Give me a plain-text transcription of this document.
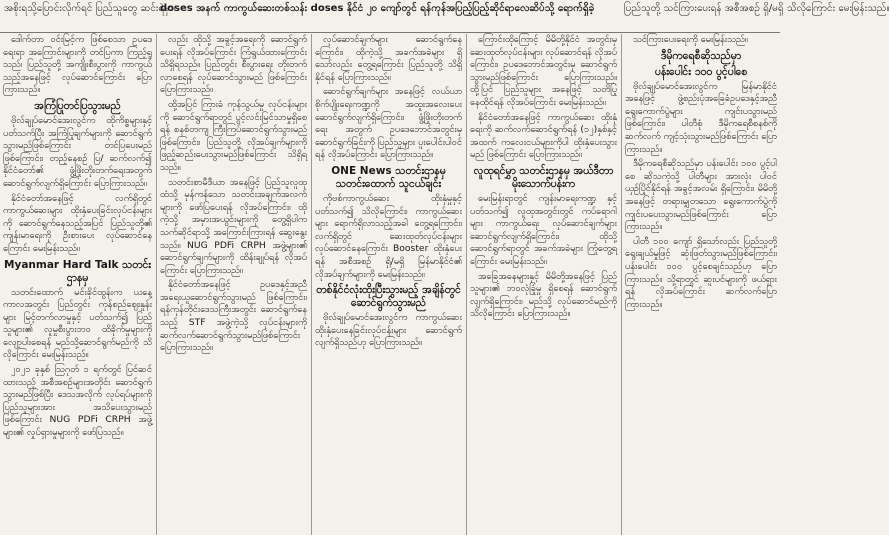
အစိုးရသို့ပြောင်းလိုက်ရင် ပြည်သူတွေ ဆင်းရဲမှာ၊
doses အနက် ကာကွယ်ဆေးတစ်သန်း doses နိုင်ငံ ၂၀ ကျော်တွင် ရန်ကုန်အပြည့်ပြည့်ဆိုင်ရာလေဆိပ်သို့ ရောက်ရှိခဲ့	ပြည်သူတို့ သင်ကြားပေးရန် အစီအစဉ် ရှိ/မရှိ သိလိုကြောင်း မေးမြန်းသည်။

ဒေါက်တာ ဝင်းမြင့်က ဖြစ်စေသာ ဥပဒေရေးရာ အကြောင်းများကို တင်ပြကာ ကြည့်ရှုသည်၊ ပြည်သူတို့ အကျိုးစီးပွားကို ကာကွယ်သည့်အနေဖြင့် လုပ်ဆောင်ကြောင်း ပြောကြားသည်။

အကြံပြုတင်ပြသွားမည်

ဗိုလ်ချုပ်မောင်အေးလွင်က ထိုကိစ္စများနှင့်ပတ်သက်ပြီး အကြံပြုချက်များကို ဆောင်ရွက်သွားမည်ဖြစ်ကြောင်း တင်ပြပေးမည်ဖြစ်ကြောင်း၊ တည့်နေစဉ် ပြ/ ဆက်လက်၍ နိုင်ငံတော်၏ ဖွံ့ဖြိုးတိုးတက်ရေးအတွက် ဆောင်ရွက်လျက်ရှိကြောင်း ပြောကြားသည်။

နိုင်ငံတော်အနေဖြင့် လက်ရှိတွင် ကာကွယ်ဆေးများ ထိုးနှံပေးခြင်းလုပ်ငန်းများကို ဆောင်ရွက်နေသည့်အပြင် ပြည်သူတို့၏ ကျန်းမာရေးကို ဦးစားပေး လုပ်ဆောင်နေကြောင်း မေးမြန်းသည်။

Myanmar Hard Talk သတင်းဌာနမှ

သတင်းထောက် မင်းခိုင်ထွန်းက ယနေ့ကာလအတွင်း ပြည်တွင်း ကုန်စည်ဈေးနှုန်းများ မြင့်တက်လာမှုနှင့် ပတ်သက်၍ ပြည်သူများ၏ လူမှုစီးပွားဘဝ ထိခိုက်မှုများကို လျော့ပါးစေရန် မည်သို့ဆောင်ရွက်မည်ကို သိလိုကြောင်း မေးမြန်းသည်။

၂၀၂၁ ခုနှစ် ဩဂုတ် ၁ ရက်တွင် ပြင်ဆင်ထားသည့် အစီအစဉ်များအတိုင်း ဆောင်ရွက်သွားမည်ဖြစ်ပြီး ဒေသအလိုက် လုပ်ရပ်များကို ပြည်သူများအား အသိပေးသွားမည်ဖြစ်ကြောင်း NUG PDFi CRPH အဖွဲ့များ၏ လှုပ်ရှားမှုများကို ဖော်ပြသည်။

လည်း ထိုသို့ အခွင့်အရေးကို ဆောင်ရွက်ပေးရန် လိုအပ်ကြောင်း ကြံရွယ်ထားကြောင်း သိရှိရသည်။ ပြည်တွင်း စီးပွားရေး တိုးတက်လာစေရန် လုပ်ဆောင်သွားမည် ဖြစ်ကြောင်း ပြောကြားသည်။

ထို့အပြင် ကြားခံ ကုန်သွယ်မှု လုပ်ငန်းများကို ဆောင်ရွက်ရာတွင် ပွင့်လင်းမြင်သာမှုရှိစေရန် စနစ်တကျ ကြီးကြပ်ဆောင်ရွက်သွားမည်ဖြစ်ကြောင်း၊ ပြည်သူတို့ လိုအပ်ချက်များကို ဖြည့်ဆည်းပေးသွားမည်ဖြစ်ကြောင်း သိရှိရသည်။

သတင်းစာမီဒီယာ အနေဖြင့် ပြည်သူလူထုထံသို့ မှန်ကန်သော သတင်းအချက်အလက်များကို ဖော်ပြပေးရန် လိုအပ်ကြောင်း၊ ထိုကဲ့သို့ အမှားအယွင်းများကို တွေ့ရှိပါက သက်ဆိုင်ရာသို့ အကြောင်းကြားရန် ဆွေးနွေးသည်။ NUG PDFi CRPH အဖွဲ့များ၏ ဆောင်ရွက်ချက်များကို ထိန်းချုပ်ရန် လိုအပ်ကြောင်း ပြောကြားသည်။

နိုင်ငံတော်အနေဖြင့် ဥပဒေနှင့်အညီ အရေးယူဆောင်ရွက်သွားမည် ဖြစ်ကြောင်း၊ ရန်ကုန်တိုင်းဒေသကြီးအတွင်း ဆောင်ရွက်နေသည့် STF အဖွဲ့ကဲ့သို့ လုပ်ငန်းများကို ဆက်လက်ဆောင်ရွက်သွားမည်ဖြစ်ကြောင်း ပြောကြားသည်။

လုပ်ဆောင်ချက်များ ဆောင်ရွက်နေကြောင်း၊ ထိုကဲ့သို့ အခက်အခဲများ ရှိသော်လည်း တွေ့ရကြောင်း ပြည်သူတို့ သိရှိနိုင်ရန် ပြောကြားသည်။

ဆောင်ရွက်ချက်များ အနေဖြင့် လယ်ယာ စိုက်ပျိုးရေးကဏ္ဍကို အထူးအလေးပေး ဆောင်ရွက်လျက်ရှိကြောင်း၊ ဖွံ့ဖြိုးတိုးတက်ရေး အတွက် ဥပဒေဘောင်အတွင်းမှ ဆောင်ရွက်ခြင်းကို ပြည်သူများ ပူးပေါင်းပါဝင်ရန် လိုအပ်ကြောင်း ပြောကြားသည်။

ONE News သတင်းဌာနမှ သတင်းထောက် သူငယ်ချင်း

ကိုဗစ်ကာကွယ်ဆေး ထိုးနှံမှုနှင့် ပတ်သက်၍ သိလိုကြောင်း၊ ကာကွယ်ဆေးများ ရောက်ရှိလာသည့်အခါ တွေ့ရကြောင်း၊ လက်ရှိတွင် ဆေးထုတ်လုပ်ငန်းများ လုပ်ဆောင်နေကြောင်း Booster ထိုးနှံပေးရန် အစီအစဉ် ရှိ/မရှိ မြန်မာနိုင်ငံ၏ လိုအပ်ချက်များကို မေးမြန်းသည်။

တစ်နိုင်ငံလုံးထိုးပြီးသွားမည့် အချိန်တွင် ဆောင်ရွက်သွားမည်

ဗိုလ်ချုပ်မောင်အေးလွင်က ကာကွယ်ဆေး ထိုးနှံပေးနေခြင်းလုပ်ငန်းများ ဆောင်ရွက်လျက်ရှိသည်ဟု ပြောကြားသည်။

ကြောင်းထိုကြောင့် မိမိတို့နိုင်ငံ အတွင်းမှ ဆေးထုတ်လုပ်ငန်းများ လုပ်ဆောင်ရန် လိုအပ်ကြောင်း၊ ဥပဒေဘောင်အတွင်းမှ ဆောင်ရွက်သွားမည်ဖြစ်ကြောင်း ပြောကြားသည်။ ထို့ပြင် ပြည်သူများ အနေဖြင့် သတိပြုနေထိုင်ရန် လိုအပ်ကြောင်း မေးမြန်းသည်။

နိုင်ငံတော်အနေဖြင့် ကာကွယ်ဆေး ထိုးနှံရေးကို ဆက်လက်ဆောင်ရွက်ရန် (၁၂)နှစ်နှင့်အထက် ကလေးငယ်များကိုပါ ထိုးနှံပေးသွားမည် ဖြစ်ကြောင်း ပြောကြားသည်။

လူထုရင်မွှာ သတင်းဌာနမှ အယ်ဒီတာ မိုးသောက်ပန်းက

မေးမြန်းရာတွင် ကျန်းမာရေးကဏ္ဍ နှင့်ပတ်သက်၍ လူထုအတွင်းတွင် ကပ်ရောဂါများ ကာကွယ်ရေး လုပ်ဆောင်ချက်များ ဆောင်ရွက်လျက်ရှိကြောင်း၊ ထိုသို့ ဆောင်ရွက်ရာတွင် အခက်အခဲများ ကြုံတွေ့ရကြောင်း မေးမြန်းသည်။

အခြေအနေများနှင့် မိမိတို့အနေဖြင့် ပြည်သူများ၏ ဘဝလုံခြုံမှု ရှိစေရန် ဆောင်ရွက်လျက်ရှိကြောင်း၊ မည်သို့ လုပ်ဆောင်မည်ကို သိလိုကြောင်း ပြောကြားသည်။

သင်ကြားပေးရေးကို မေးမြန်းသည်။

ဒီမိုကရေစီဆိုသည်မှာ
ပန်းပေါင်း ၁၀၀ ပွင့်ပါစေ

ဗိုလ်ချုပ်မောင်အေးလွင်က မြန်မာနိုင်ငံအနေဖြင့် ဖွဲ့စည်းပုံအခြေခံဥပဒေနှင့်အညီ ရွေးကောက်ပွဲများ ကျင်းပသွားမည်ဖြစ်ကြောင်း၊ ပါတီစုံ ဒီမိုကရေစီစနစ်ကို ဆက်လက် ကျင့်သုံးသွားမည်ဖြစ်ကြောင်း ပြောကြားသည်။

ဒီမိုကရေစီဆိုသည်မှာ ပန်းပေါင်း ၁၀၀ ပွင့်ပါစေ ဆိုသကဲ့သို့ ပါတီများ အားလုံး ပါဝင်ယှဉ်ပြိုင်နိုင်ရန် အခွင့်အလမ်း ရှိကြောင်း၊ မိမိတို့အနေဖြင့် တရားမျှတသော ရွေးကောက်ပွဲကို ကျင်းပပေးသွားမည်ဖြစ်ကြောင်း ပြောကြားသည်။

ပါတီ ၁၀၀ ကျော် ရှိသော်လည်း ပြည်သူတို့ ရွေးချယ်မှုဖြင့် ဆုံးဖြတ်သွားမည်ဖြစ်ကြောင်း၊ ပန်းပေါင်း ၁၀၀ ပွင့်စေချင်သည်ဟု ပြောကြားသည်။ သို့ရာတွင် ဆူးပင်များကို ဖယ်ရှားရန် လိုအပ်ကြောင်း ဆက်လက်ပြောကြားသည်။
